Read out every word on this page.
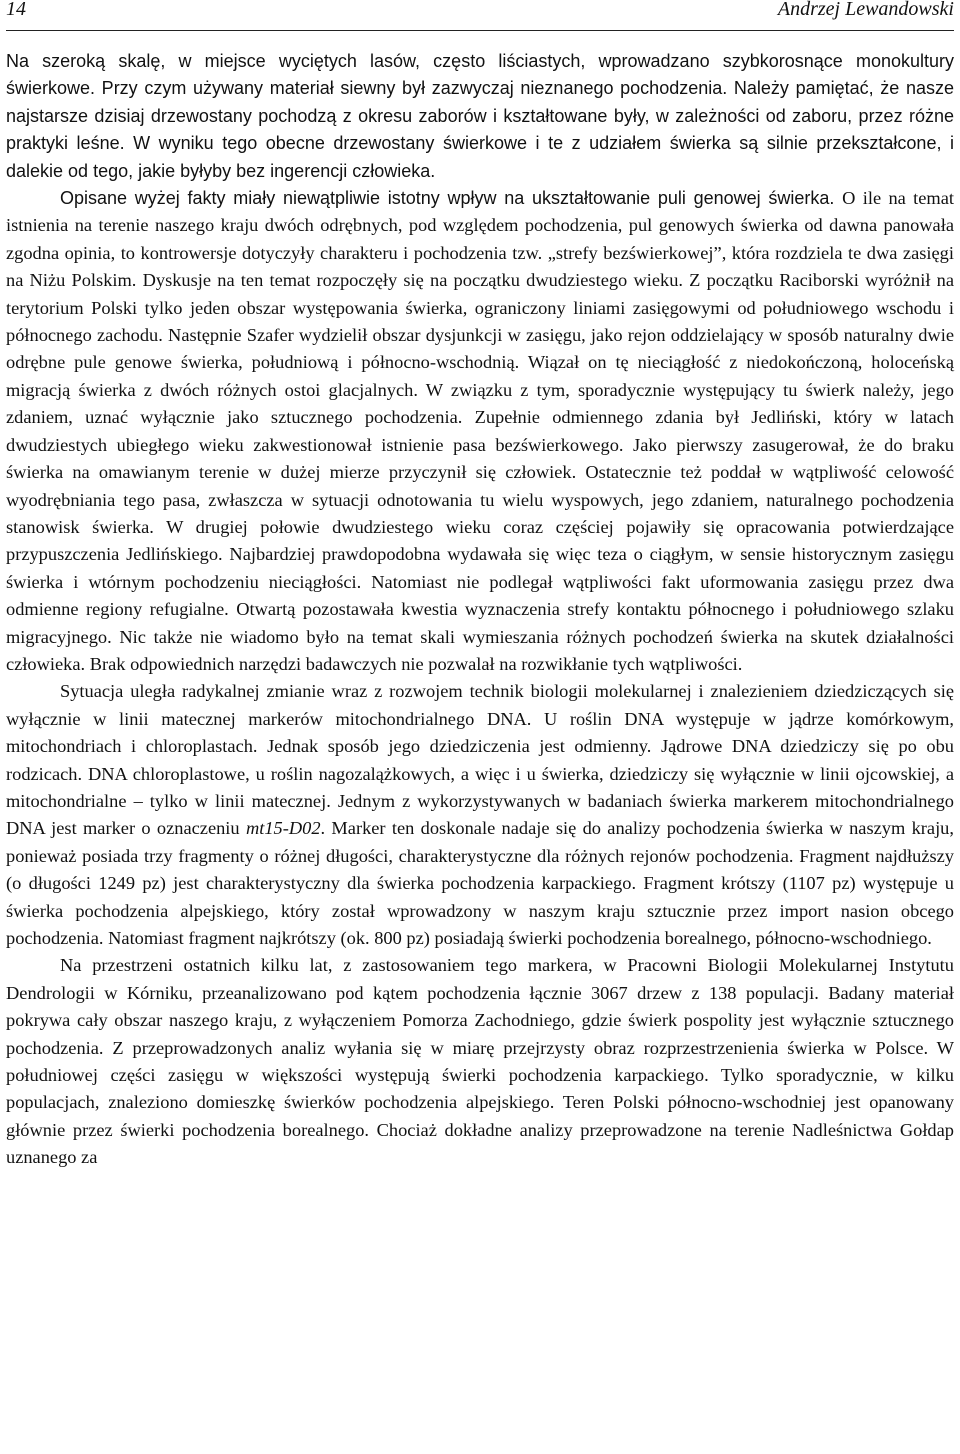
14	Andrzej Lewandowski

Na szeroką skalę, w miejsce wyciętych lasów, często liściastych, wprowadzano szybkorosnące monokultury świerkowe. Przy czym używany materiał siewny był zazwyczaj nieznanego pochodzenia. Należy pamiętać, że nasze najstarsze dzisiaj drzewostany pochodzą z okresu zaborów i kształtowane były, w zależności od zaboru, przez różne praktyki leśne. W wyniku tego obecne drzewostany świerkowe i te z udziałem świerka są silnie przekształcone, i dalekie od tego, jakie byłyby bez ingerencji człowieka.

Opisane wyżej fakty miały niewątpliwie istotny wpływ na ukształtowanie puli genowej świerka. O ile na temat istnienia na terenie naszego kraju dwóch odrębnych, pod względem pochodzenia, pul genowych świerka od dawna panowała zgodna opinia, to kontrowersje dotyczyły charakteru i pochodzenia tzw. „strefy bezświerkowej”, która rozdziela te dwa zasięgi na Niżu Polskim. Dyskusje na ten temat rozpoczęły się na początku dwudziestego wieku. Z początku Raciborski wyróżnił na terytorium Polski tylko jeden obszar występowania świerka, ograniczony liniami zasięgowymi od południowego wschodu i północnego zachodu. Następnie Szafer wydzielił obszar dysjunkcji w zasięgu, jako rejon oddzielający w sposób naturalny dwie odrębne pule genowe świerka, południową i północno-wschodnią. Wiązał on tę nieciągłość z niedokończoną, holoceńską migracją świerka z dwóch różnych ostoi glacjalnych. W związku z tym, sporadycznie występujący tu świerk należy, jego zdaniem, uznać wyłącznie jako sztucznego pochodzenia. Zupełnie odmiennego zdania był Jedliński, który w latach dwudziestych ubiegłego wieku zakwestionował istnienie pasa bezświerkowego. Jako pierwszy zasugerował, że do braku świerka na omawianym terenie w dużej mierze przyczynił się człowiek. Ostatecznie też poddał w wątpliwość celowość wyodrębniania tego pasa, zwłaszcza w sytuacji odnotowania tu wielu wyspowych, jego zdaniem, naturalnego pochodzenia stanowisk świerka. W drugiej połowie dwudziestego wieku coraz częściej pojawiły się opracowania potwierdzające przypuszczenia Jedlińskiego. Najbardziej prawdopodobna wydawała się więc teza o ciągłym, w sensie historycznym zasięgu świerka i wtórnym pochodzeniu nieciągłości. Natomiast nie podlegał wątpliwości fakt uformowania zasięgu przez dwa odmienne regiony refugialne. Otwartą pozostawała kwestia wyznaczenia strefy kontaktu północnego i południowego szlaku migracyjnego. Nic także nie wiadomo było na temat skali wymieszania różnych pochodzeń świerka na skutek działalności człowieka. Brak odpowiednich narzędzi badawczych nie pozwalał na rozwikłanie tych wątpliwości.

Sytuacja uległa radykalnej zmianie wraz z rozwojem technik biologii molekularnej i znalezieniem dziedziczących się wyłącznie w linii matecznej markerów mitochondrialnego DNA. U roślin DNA występuje w jądrze komórkowym, mitochondriach i chloroplastach. Jednak sposób jego dziedziczenia jest odmienny. Jądrowe DNA dziedziczy się po obu rodzicach. DNA chloroplastowe, u roślin nagozalążkowych, a więc i u świerka, dziedziczy się wyłącznie w linii ojcowskiej, a mitochondrialne – tylko w linii matecznej. Jednym z wykorzystywanych w badaniach świerka markerem mitochondrialnego DNA jest marker o oznaczeniu mt15-D02. Marker ten doskonale nadaje się do analizy pochodzenia świerka w naszym kraju, ponieważ posiada trzy fragmenty o różnej długości, charakterystyczne dla różnych rejonów pochodzenia. Fragment najdłuższy (o długości 1249 pz) jest charakterystyczny dla świerka pochodzenia karpackiego. Fragment krótszy (1107 pz) występuje u świerka pochodzenia alpejskiego, który został wprowadzony w naszym kraju sztucznie przez import nasion obcego pochodzenia. Natomiast fragment najkrótszy (ok. 800 pz) posiadają świerki pochodzenia borealnego, północno-wschodniego.

Na przestrzeni ostatnich kilku lat, z zastosowaniem tego markera, w Pracowni Biologii Molekularnej Instytutu Dendrologii w Kórniku, przeanalizowano pod kątem pochodzenia łącznie 3067 drzew z 138 populacji. Badany materiał pokrywa cały obszar naszego kraju, z wyłączeniem Pomorza Zachodniego, gdzie świerk pospolity jest wyłącznie sztucznego pochodzenia. Z przeprowadzonych analiz wyłania się w miarę przejrzysty obraz rozprzestrzenienia świerka w Polsce. W południowej części zasięgu w większości występują świerki pochodzenia karpackiego. Tylko sporadycznie, w kilku populacjach, znaleziono domieszkę świerków pochodzenia alpejskiego. Teren Polski północno-wschodniej jest opanowany głównie przez świerki pochodzenia borealnego. Chociaż dokładne analizy przeprowadzone na terenie Nadleśnictwa Gołdap uznanego za
